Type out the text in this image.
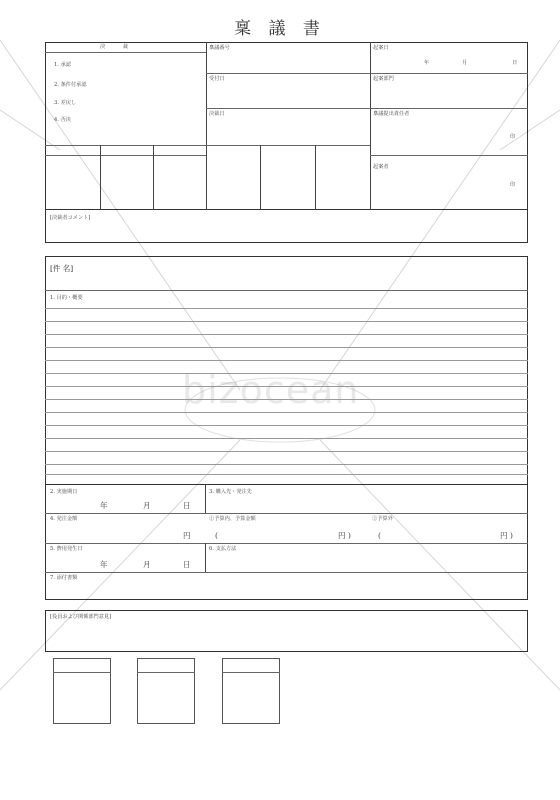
bizocean
稟 議 書
決 裁
1. 承認
2. 条件付承認
3. 差戻し
4. 否決
稟議番号
受付日
決裁日
起案日
年	月	日
起案部門
稟議提出責任者
印
起案者
印
[決裁者コメント]
[件 名]
1. 目的・概要
2. 実施期日
年	月	日
3. 購入先・発注先
4. 発注金額
円
①予算内、予算金額
(	円 )
②予算外
(	円 )
5. 費用発生日
年	月	日
6. 支払方法
7. 添付書類
[役員および関係部門意見]
